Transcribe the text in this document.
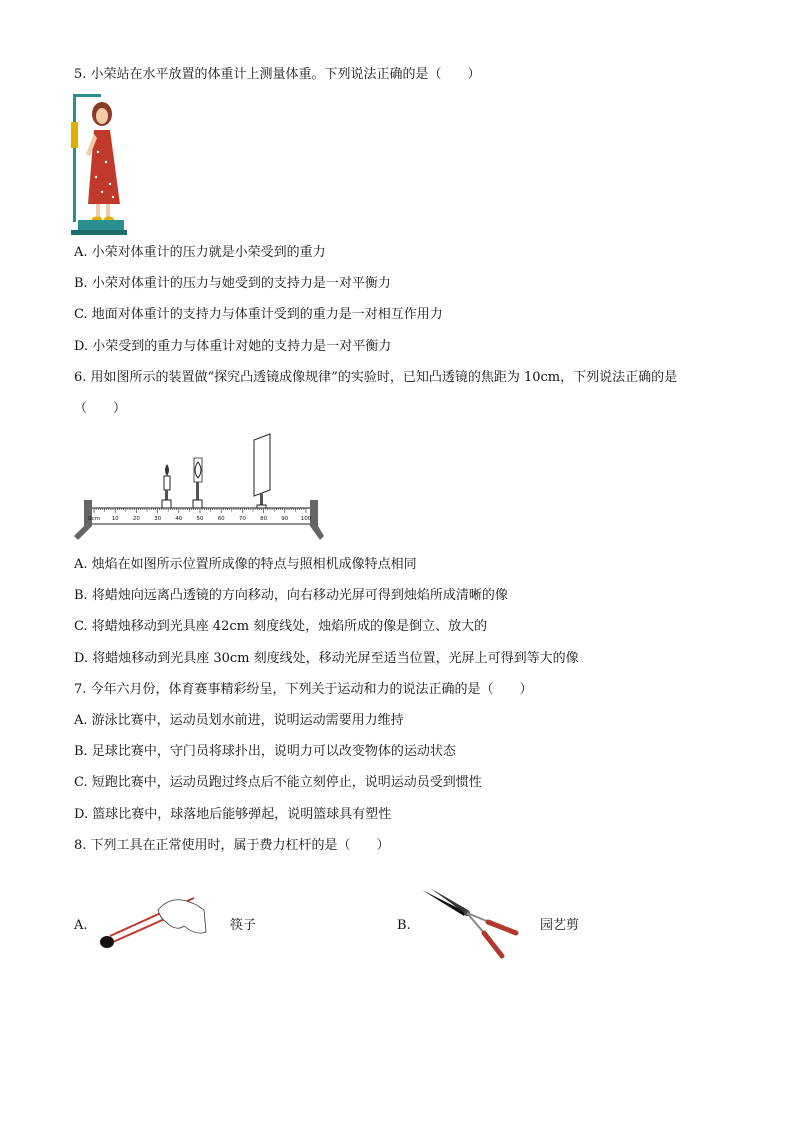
5. 小荣站在水平放置的体重计上测量体重。下列说法正确的是（　　）
A. 小荣对体重计的压力就是小荣受到的重力
B. 小荣对体重计的压力与她受到的支持力是一对平衡力
C. 地面对体重计的支持力与体重计受到的重力是一对相互作用力
D. 小荣受到的重力与体重计对她的支持力是一对平衡力
6. 用如图所示的装置做“探究凸透镜成像规律”的实验时，已知凸透镜的焦距为 10cm，下列说法正确的是
（　　）
0cm 10	20	30	40	50	60	70	80	90 100
A. 烛焰在如图所示位置所成像的特点与照相机成像特点相同
B. 将蜡烛向远离凸透镜的方向移动，向右移动光屏可得到烛焰所成清晰的像
C. 将蜡烛移动到光具座 42cm 刻度线处，烛焰所成的像是倒立、放大的
D. 将蜡烛移动到光具座 30cm 刻度线处，移动光屏至适当位置，光屏上可得到等大的像
7. 今年六月份，体育赛事精彩纷呈，下列关于运动和力的说法正确的是（　　）
A. 游泳比赛中，运动员划水前进，说明运动需要用力维持
B. 足球比赛中，守门员将球扑出，说明力可以改变物体的运动状态
C. 短跑比赛中，运动员跑过终点后不能立刻停止，说明运动员受到惯性
D. 篮球比赛中，球落地后能够弹起，说明篮球具有塑性
8. 下列工具在正常使用时，属于费力杠杆的是（　　）
A.	筷子	B.	园艺剪
